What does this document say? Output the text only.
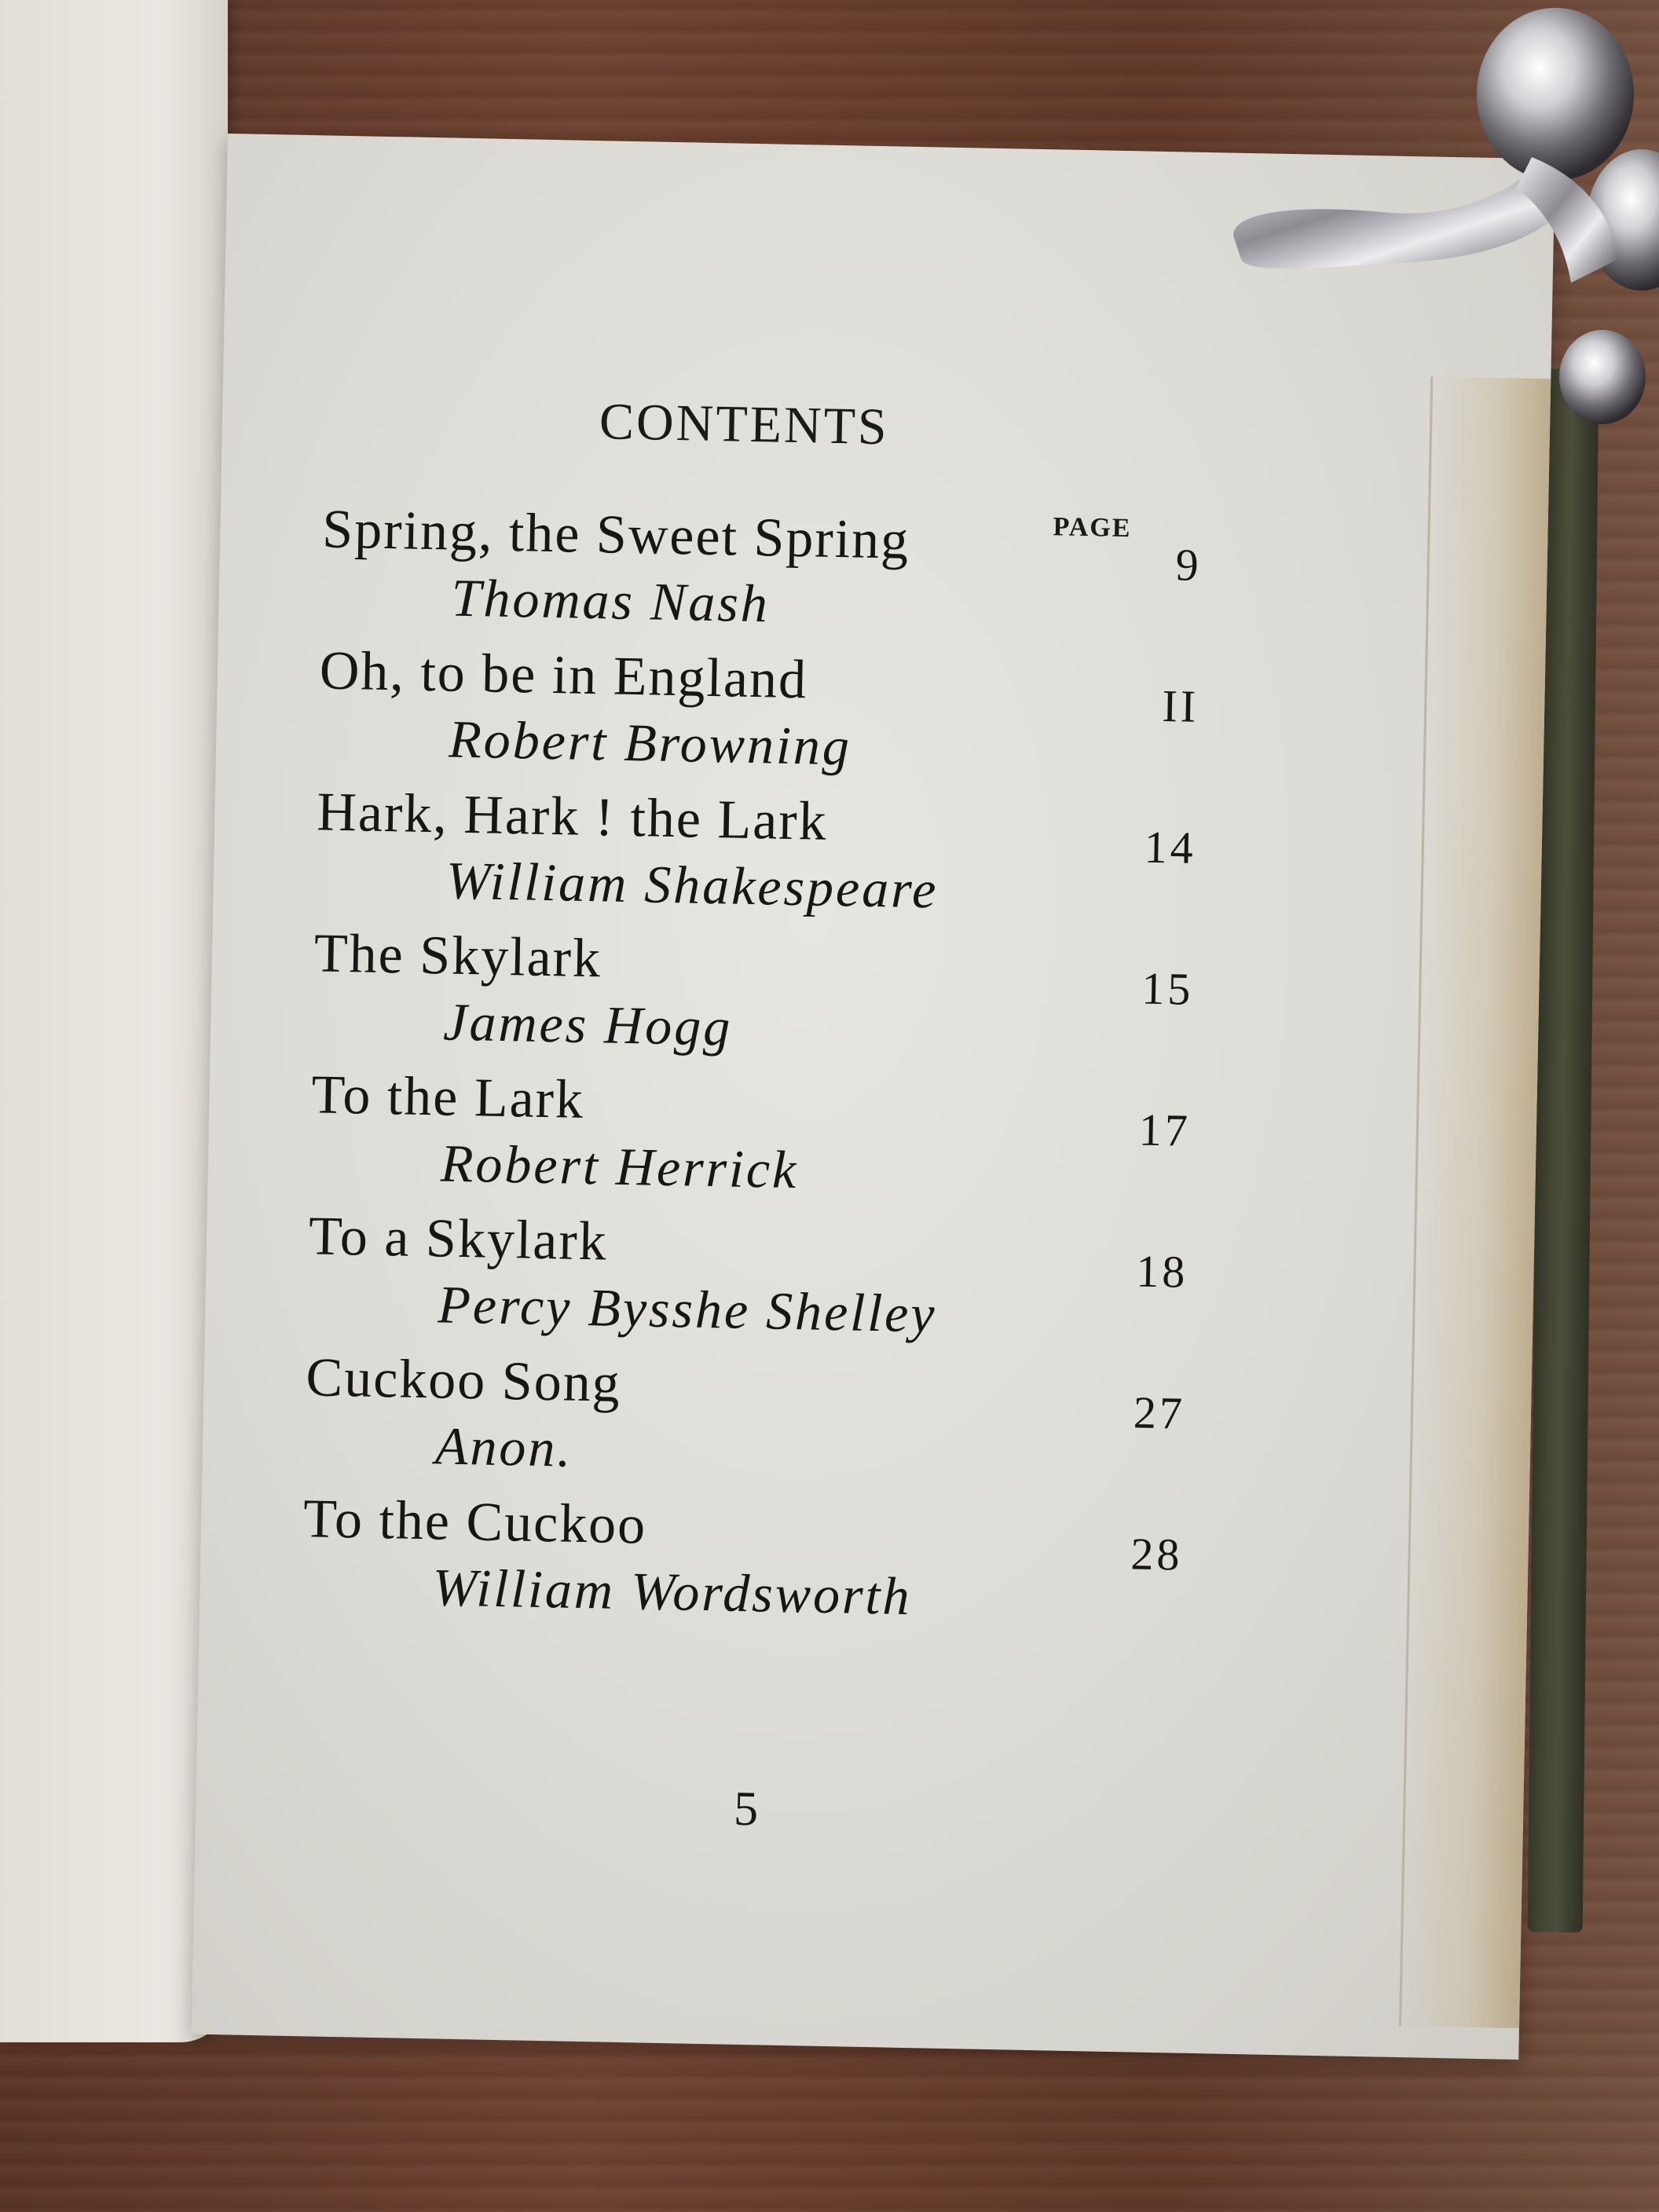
CONTENTS
PAGE
Spring, the Sweet Spring	9
Thomas Nash
Oh, to be in England	II
Robert Browning
Hark, Hark ! the Lark	14
William Shakespeare
The Skylark	15
James Hogg
To the Lark	17
Robert Herrick
To a Skylark	18
Percy Bysshe Shelley
Cuckoo Song	27
Anon.
To the Cuckoo	28
William Wordsworth
5
